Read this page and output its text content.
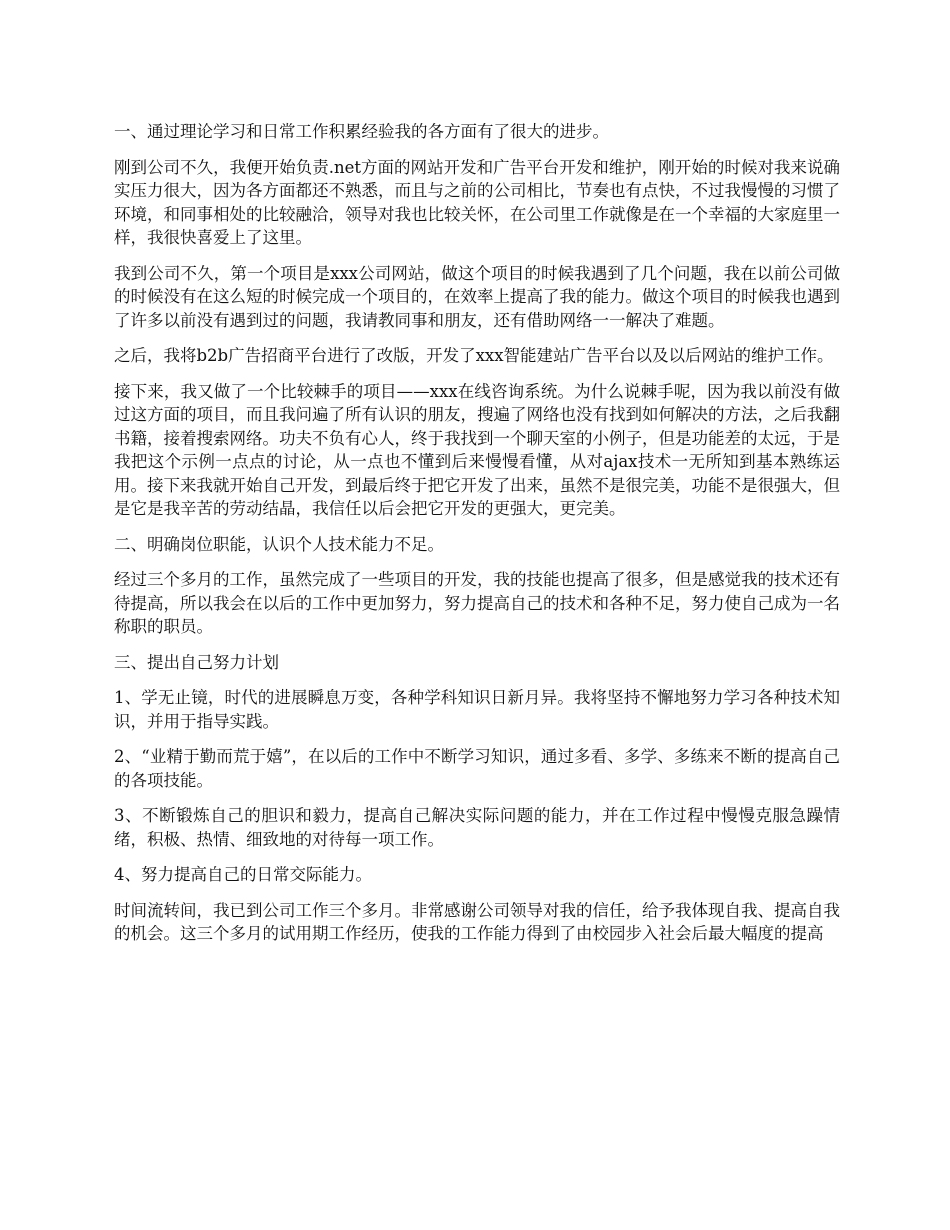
一、通过理论学习和日常工作积累经验我的各方面有了很大的进步。

刚到公司不久，我便开始负责.net方面的网站开发和广告平台开发和维护，刚开始的时候对我来说确实压力很大，因为各方面都还不熟悉，而且与之前的公司相比，节奏也有点快，不过我慢慢的习惯了环境，和同事相处的比较融洽，领导对我也比较关怀，在公司里工作就像是在一个幸福的大家庭里一样，我很快喜爱上了这里。

我到公司不久，第一个项目是xxx公司网站，做这个项目的时候我遇到了几个问题，我在以前公司做的时候没有在这么短的时候完成一个项目的，在效率上提高了我的能力。做这个项目的时候我也遇到了许多以前没有遇到过的问题，我请教同事和朋友，还有借助网络一一解决了难题。

之后，我将b2b广告招商平台进行了改版，开发了xxx智能建站广告平台以及以后网站的维护工作。

接下来，我又做了一个比较棘手的项目——xxx在线咨询系统。为什么说棘手呢，因为我以前没有做过这方面的项目，而且我问遍了所有认识的朋友，搜遍了网络也没有找到如何解决的方法，之后我翻书籍，接着搜索网络。功夫不负有心人，终于我找到一个聊天室的小例子，但是功能差的太远，于是我把这个示例一点点的讨论，从一点也不懂到后来慢慢看懂，从对ajax技术一无所知到基本熟练运用。接下来我就开始自己开发，到最后终于把它开发了出来，虽然不是很完美，功能不是很强大，但是它是我辛苦的劳动结晶，我信任以后会把它开发的更强大，更完美。

二、明确岗位职能，认识个人技术能力不足。

经过三个多月的工作，虽然完成了一些项目的开发，我的技能也提高了很多，但是感觉我的技术还有待提高，所以我会在以后的工作中更加努力，努力提高自己的技术和各种不足，努力使自己成为一名称职的职员。

三、提出自己努力计划

1、学无止镜，时代的进展瞬息万变，各种学科知识日新月异。我将坚持不懈地努力学习各种技术知识，并用于指导实践。

2、“业精于勤而荒于嬉”，在以后的工作中不断学习知识，通过多看、多学、多练来不断的提高自己的各项技能。

3、不断锻炼自己的胆识和毅力，提高自己解决实际问题的能力，并在工作过程中慢慢克服急躁情绪，积极、热情、细致地的对待每一项工作。

4、努力提高自己的日常交际能力。

时间流转间，我已到公司工作三个多月。非常感谢公司领导对我的信任，给予我体现自我、提高自我的机会。这三个多月的试用期工作经历，使我的工作能力得到了由校园步入社会后最大幅度的提高
